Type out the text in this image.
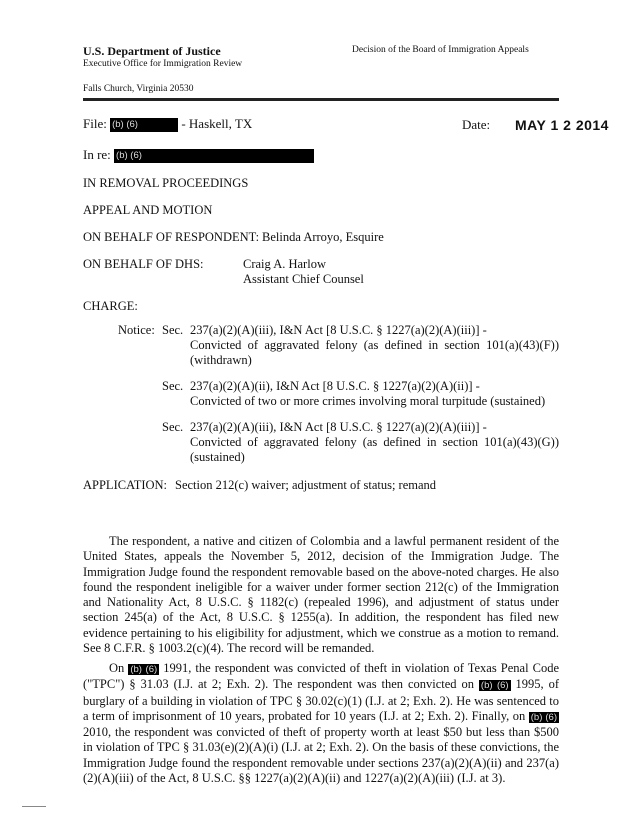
U.S. Department of Justice
Executive Office for Immigration Review
Decision of the Board of Immigration Appeals
Falls Church, Virginia 20530
File: (b) (6)	- Haskell, TX	Date: MAY 1 2 2014
In re: (b) (6)
IN REMOVAL PROCEEDINGS
APPEAL AND MOTION
ON BEHALF OF RESPONDENT: Belinda Arroyo, Esquire
ON BEHALF OF DHS:	Craig A. Harlow
Assistant Chief Counsel
CHARGE:
Notice: Sec. 237(a)(2)(A)(iii), I&N Act [8 U.S.C. § 1227(a)(2)(A)(iii)] -
Convicted of aggravated felony (as defined in section 101(a)(43)(F))
(withdrawn)
Sec. 237(a)(2)(A)(ii), I&N Act [8 U.S.C. § 1227(a)(2)(A)(ii)] -
Convicted of two or more crimes involving moral turpitude (sustained)
Sec. 237(a)(2)(A)(iii), I&N Act [8 U.S.C. § 1227(a)(2)(A)(iii)] -
Convicted of aggravated felony (as defined in section 101(a)(43)(G))
(sustained)
APPLICATION: Section 212(c) waiver; adjustment of status; remand
The respondent, a native and citizen of Colombia and a lawful permanent resident of the United States, appeals the November 5, 2012, decision of the Immigration Judge. The Immigration Judge found the respondent removable based on the above-noted charges. He also found the respondent ineligible for a waiver under former section 212(c) of the Immigration and Nationality Act, 8 U.S.C. § 1182(c) (repealed 1996), and adjustment of status under section 245(a) of the Act, 8 U.S.C. § 1255(a). In addition, the respondent has filed new evidence pertaining to his eligibility for adjustment, which we construe as a motion to remand. See 8 C.F.R. § 1003.2(c)(4). The record will be remanded.
On (b) (6) 1991, the respondent was convicted of theft in violation of Texas Penal Code ("TPC") § 31.03 (I.J. at 2; Exh. 2). The respondent was then convicted on (b) (6) 1995, of burglary of a building in violation of TPC § 30.02(c)(1) (I.J. at 2; Exh. 2). He was sentenced to a term of imprisonment of 10 years, probated for 10 years (I.J. at 2; Exh. 2). Finally, on (b) (6) 2010, the respondent was convicted of theft of property worth at least $50 but less than $500 in violation of TPC § 31.03(e)(2)(A)(i) (I.J. at 2; Exh. 2). On the basis of these convictions, the Immigration Judge found the respondent removable under sections 237(a)(2)(A)(ii) and 237(a)(2)(A)(iii) of the Act, 8 U.S.C. §§ 1227(a)(2)(A)(ii) and 1227(a)(2)(A)(iii) (I.J. at 3).
